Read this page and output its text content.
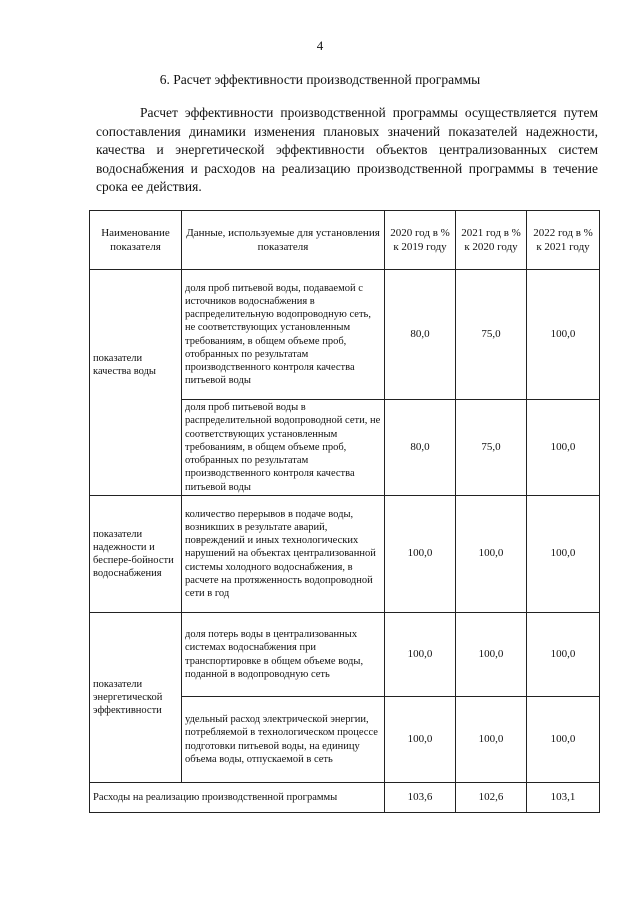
4
6. Расчет эффективности производственной программы
Расчет эффективности производственной программы осуществляется путем сопоставления динамики изменения плановых значений показателей надежности, качества и энергетической эффективности объектов централизованных систем водоснабжения и расходов на реализацию производственной программы в течение срока ее действия.
Наименование показателя	Данные, используемые для установления показателя	2020 год в % к 2019 году	2021 год в % к 2020 году	2022 год в % к 2021 году
показатели качества воды	доля проб питьевой воды, подаваемой с источников водоснабжения в распределительную водопроводную сеть, не соответствующих установленным требованиям, в общем объеме проб, отобранных по результатам производственного контроля качества питьевой воды	80,0	75,0	100,0
	доля проб питьевой воды в распределительной водопроводной сети, не соответствующих установленным требованиям, в общем объеме проб, отобранных по результатам производственного контроля качества питьевой воды	80,0	75,0	100,0
показатели надежности и беспере-бойности водоснабжения	количество перерывов в подаче воды, возникших в результате аварий, повреждений и иных технологических нарушений на объектах централизованной системы холодного водоснабжения, в расчете на протяженность водопроводной сети в год	100,0	100,0	100,0
показатели энергетической эффективности	доля потерь воды в централизованных системах водоснабжения при транспортировке в общем объеме воды, поданной в водопроводную сеть	100,0	100,0	100,0
	удельный расход электрической энергии, потребляемой в технологическом процессе подготовки питьевой воды, на единицу объема воды, отпускаемой в сеть	100,0	100,0	100,0
Расходы на реализацию производственной программы		103,6	102,6	103,1
